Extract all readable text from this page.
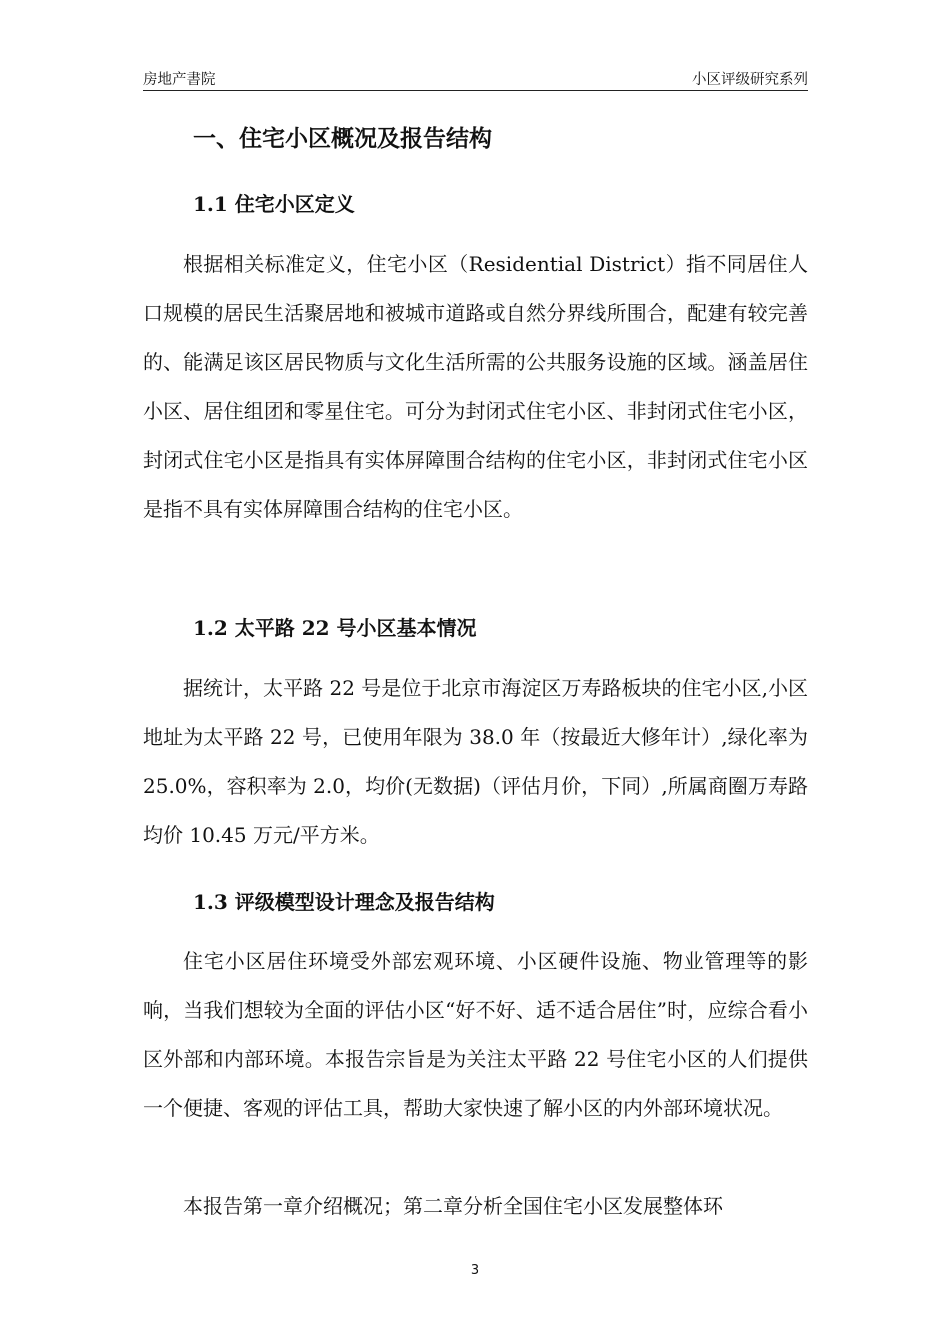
房地产書院	小区评级研究系列
一、住宅小区概况及报告结构
1.1 住宅小区定义

根据相关标准定义，住宅小区（Residential District）指不同居住人口规模的居民生活聚居地和被城市道路或自然分界线所围合，配建有较完善的、能满足该区居民物质与文化生活所需的公共服务设施的区域。涵盖居住小区、居住组团和零星住宅。可分为封闭式住宅小区、非封闭式住宅小区，封闭式住宅小区是指具有实体屏障围合结构的住宅小区，非封闭式住宅小区是指不具有实体屏障围合结构的住宅小区。

1.2 太平路 22 号小区基本情况

据统计，太平路 22 号是位于北京市海淀区万寿路板块的住宅小区,小区地址为太平路 22 号，已使用年限为 38.0 年（按最近大修年计）,绿化率为 25.0%，容积率为 2.0，均价(无数据)（评估月价，下同）,所属商圈万寿路均价 10.45 万元/平方米。

1.3 评级模型设计理念及报告结构

住宅小区居住环境受外部宏观环境、小区硬件设施、物业管理等的影响，当我们想较为全面的评估小区“好不好、适不适合居住”时，应综合看小区外部和内部环境。本报告宗旨是为关注太平路 22 号住宅小区的人们提供一个便捷、客观的评估工具，帮助大家快速了解小区的内外部环境状况。

本报告第一章介绍概况；第二章分析全国住宅小区发展整体环

3
